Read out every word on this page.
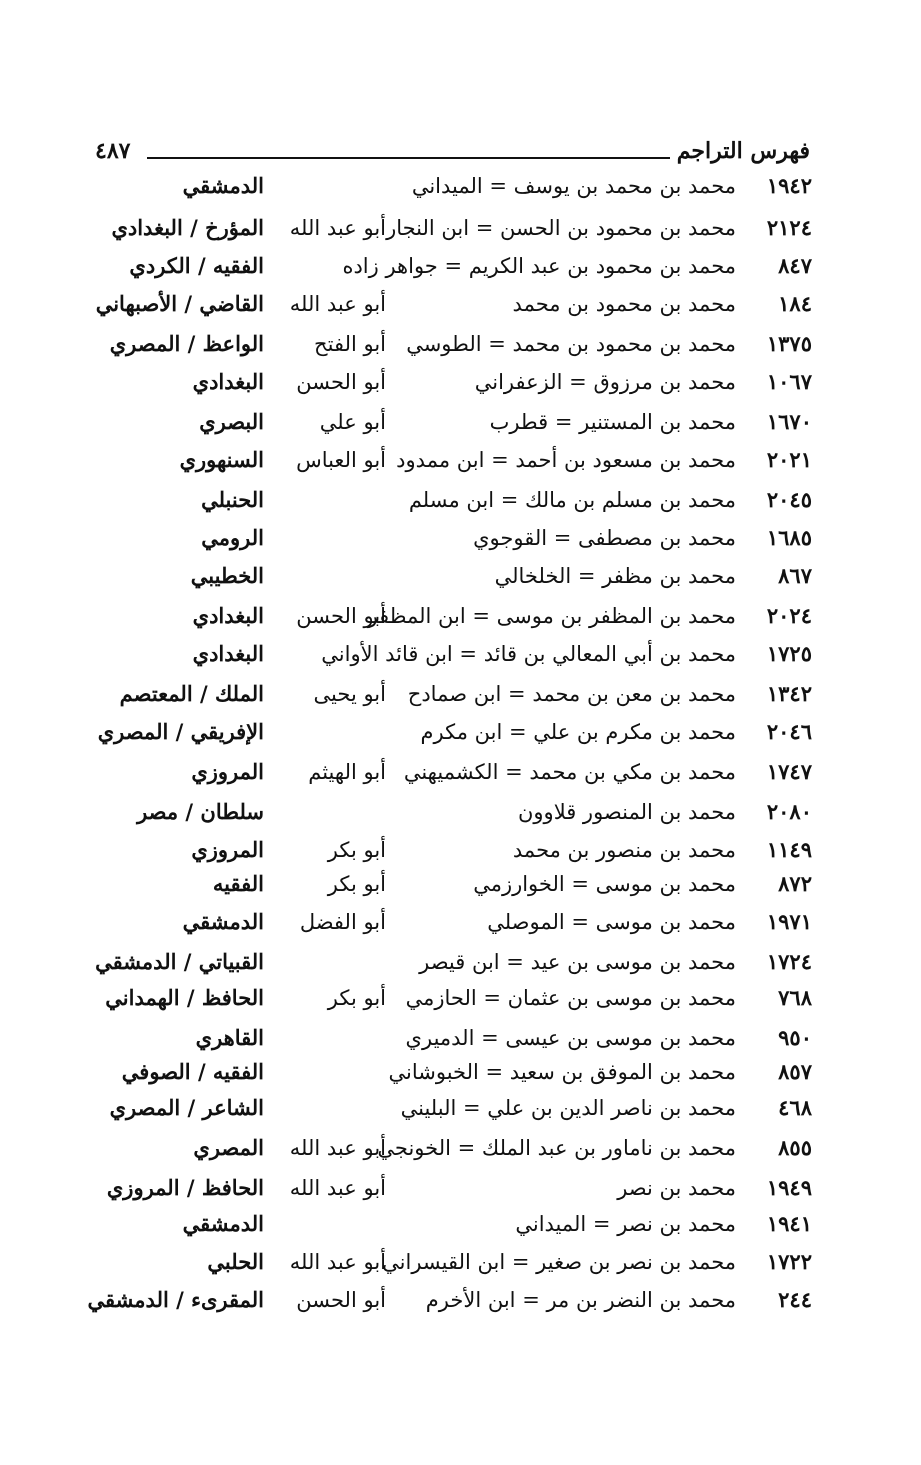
فهرس التراجم
٤٨٧
١٩٤٢
محمد بن محمد بن يوسف = الميداني
الدمشقي
٢١٢٤
محمد بن محمود بن الحسن = ابن النجار
أبو عبد الله
المؤرخ / البغدادي
٨٤٧
محمد بن محمود بن عبد الكريم = جواهر زاده
الفقيه / الكردي
١٨٤
محمد بن محمود بن محمد
أبو عبد الله
القاضي / الأصبهاني
١٣٧٥
محمد بن محمود بن محمد = الطوسي
أبو الفتح
الواعظ / المصري
١٠٦٧
محمد بن مرزوق = الزعفراني
أبو الحسن
البغدادي
١٦٧٠
محمد بن المستنير = قطرب
أبو علي
البصري
٢٠٢١
محمد بن مسعود بن أحمد = ابن ممدود
أبو العباس
السنهوري
٢٠٤٥
محمد بن مسلم بن مالك = ابن مسلم
الحنبلي
١٦٨٥
محمد بن مصطفى = القوجوي
الرومي
٨٦٧
محمد بن مظفر = الخلخالي
الخطيبي
٢٠٢٤
محمد بن المظفر بن موسى = ابن المظفر
أبو الحسن
البغدادي
١٧٢٥
محمد بن أبي المعالي بن قائد = ابن قائد الأواني
البغدادي
١٣٤٢
محمد بن معن بن محمد = ابن صمادح
أبو يحيى
الملك / المعتصم
٢٠٤٦
محمد بن مكرم بن علي = ابن مكرم
الإفريقي / المصري
١٧٤٧
محمد بن مكي بن محمد = الكشميهني
أبو الهيثم
المروزي
٢٠٨٠
محمد بن المنصور قلاوون
سلطان / مصر
١١٤٩
محمد بن منصور بن محمد
أبو بكر
المروزي
٨٧٢
محمد بن موسى = الخوارزمي
أبو بكر
الفقيه
١٩٧١
محمد بن موسى = الموصلي
أبو الفضل
الدمشقي
١٧٢٤
محمد بن موسى بن عيد = ابن قيصر
القبياتي / الدمشقي
٧٦٨
محمد بن موسى بن عثمان = الحازمي
أبو بكر
الحافظ / الهمداني
٩٥٠
محمد بن موسى بن عيسى = الدميري
القاهري
٨٥٧
محمد بن الموفق بن سعيد = الخبوشاني
الفقيه / الصوفي
٤٦٨
محمد بن ناصر الدين بن علي = البليني
الشاعر / المصري
٨٥٥
محمد بن ناماور بن عبد الملك = الخونجي
أبو عبد الله
المصري
١٩٤٩
محمد بن نصر
أبو عبد الله
الحافظ / المروزي
١٩٤١
محمد بن نصر = الميداني
الدمشقي
١٧٢٢
محمد بن نصر بن صغير = ابن القيسراني
أبو عبد الله
الحلبي
٢٤٤
محمد بن النضر بن مر = ابن الأخرم
أبو الحسن
المقرىء / الدمشقي
